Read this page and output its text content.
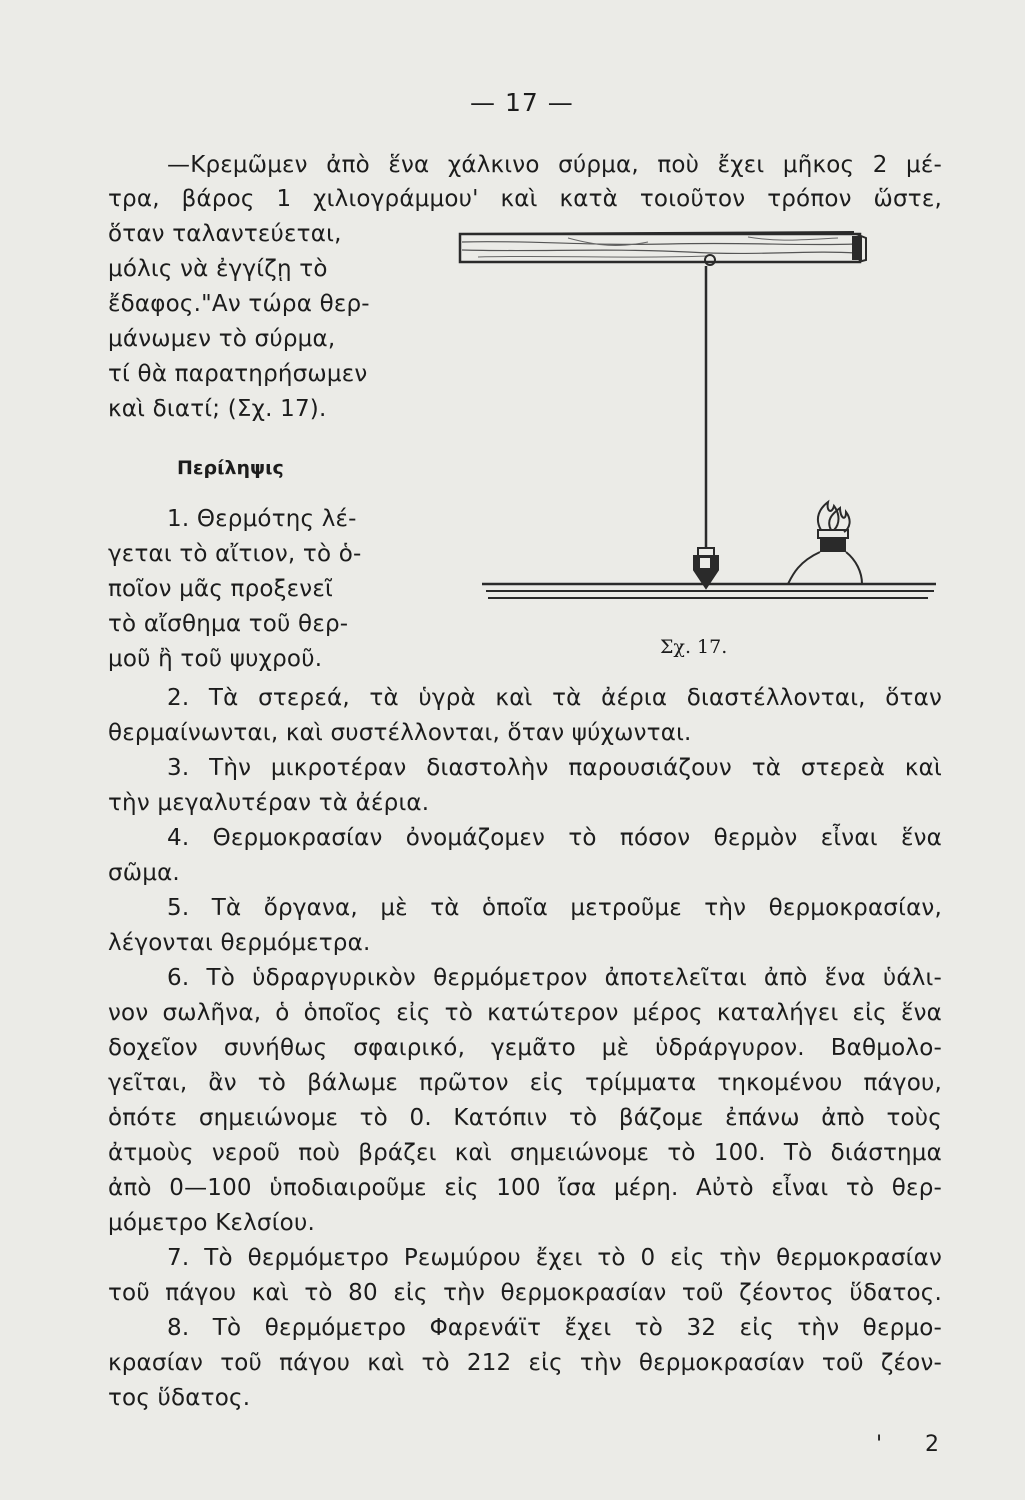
— 17 —
—Κρεμῶμεν ἀπὸ ἕνα χάλκινο σύρμα, ποὺ ἔχει μῆκος 2 μέ-
τρα, βάρος 1 χιλιογράμμου' καὶ κατὰ τοιοῦτον τρόπον ὥστε,
ὅταν ταλαντεύεται,
μόλις νὰ ἐγγίζῃ τὸ
ἔδαφος."Αν τώρα θερ-
μάνωμεν τὸ σύρμα,
τί θὰ παρατηρήσωμεν
καὶ διατί; (Σχ. 17).
Περίληψις
1. Θερμότης λέ-
γεται τὸ αἴτιον, τὸ ὁ-
ποῖον μᾶς προξενεῖ
τὸ αἴσθημα τοῦ θερ-
μοῦ ἢ τοῦ ψυχροῦ.	Σχ. 17.
2. Τὰ στερεά, τὰ ὑγρὰ καὶ τὰ ἀέρια διαστέλλονται, ὅταν
θερμαίνωνται, καὶ συστέλλονται, ὅταν ψύχωνται.
3. Τὴν μικροτέραν διαστολὴν παρουσιάζουν τὰ στερεὰ καὶ
τὴν μεγαλυτέραν τὰ ἀέρια.
4. Θερμοκρασίαν ὀνομάζομεν τὸ πόσον θερμὸν εἶναι ἕνα
σῶμα.
5. Τὰ ὄργανα, μὲ τὰ ὁποῖα μετροῦμε τὴν θερμοκρασίαν,
λέγονται θερμόμετρα.
6. Τὸ ὑδραργυρικὸν θερμόμετρον ἀποτελεῖται ἀπὸ ἕνα ὑάλι-
νον σωλῆνα, ὁ ὁποῖος εἰς τὸ κατώτερον μέρος καταλήγει εἰς ἕνα
δοχεῖον συνήθως σφαιρικό, γεμᾶτο μὲ ὑδράργυρον. Βαθμολο-
γεῖται, ἂν τὸ βάλωμε πρῶτον εἰς τρίμματα τηκομένου πάγου,
ὁπότε σημειώνομε τὸ 0. Κατόπιν τὸ βάζομε ἐπάνω ἀπὸ τοὺς
ἀτμοὺς νεροῦ ποὺ βράζει καὶ σημειώνομε τὸ 100. Τὸ διάστημα
ἀπὸ 0—100 ὑποδιαιροῦμε εἰς 100 ἴσα μέρη. Αὐτὸ εἶναι τὸ θερ-
μόμετρο Κελσίου.
7. Τὸ θερμόμετρο Ρεωμύρου ἔχει τὸ 0 εἰς τὴν θερμοκρασίαν
τοῦ πάγου καὶ τὸ 80 εἰς τὴν θερμοκρασίαν τοῦ ζέοντος ὕδατος.
8. Τὸ θερμόμετρο Φαρενάϊτ ἔχει τὸ 32 εἰς τὴν θερμο-
κρασίαν τοῦ πάγου καὶ τὸ 212 εἰς τὴν θερμοκρασίαν τοῦ ζέον-
τος ὕδατος.
' 2
